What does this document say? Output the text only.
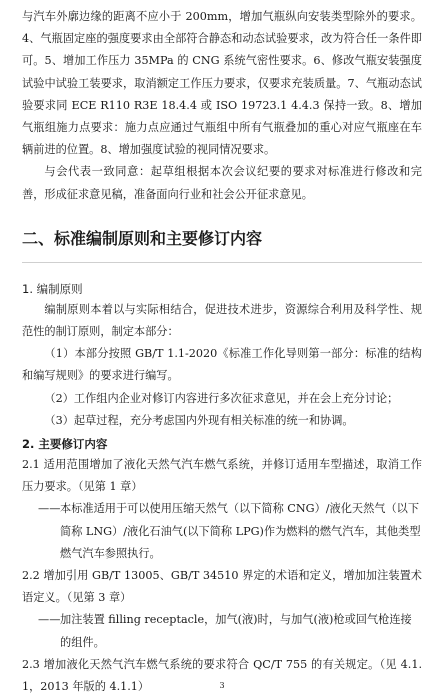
与汽车外廓边缘的距离不应小于 200mm，增加气瓶纵向安装类型除外的要求。4、气瓶固定座的强度要求由全部符合静态和动态试验要求，改为符合任一条件即可。5、增加工作压力 35MPa 的 CNG 系统气密性要求。6、修改气瓶安装强度试验中试验工装要求，取消额定工作压力要求，仅要求充装质量。7、气瓶动态试验要求同 ECE R110 R3E 18.4.4 或 ISO 19723.1 4.4.3 保持一致。8、增加气瓶组施力点要求：施力点应通过气瓶组中所有气瓶叠加的重心对应气瓶座在车辆前进的位置。8、增加强度试验的视同情况要求。

与会代表一致同意：起草组根据本次会议纪要的要求对标准进行修改和完善，形成征求意见稿，准备面向行业和社会公开征求意见。

二、标准编制原则和主要修订内容
1. 编制原则

编制原则本着以与实际相结合，促进技术进步，资源综合利用及科学性、规范性的制订原则，制定本部分：

（1）本部分按照 GB/T 1.1-2020《标准工作化导则第一部分：标准的结构和编写规则》的要求进行编写。

（2）工作组内企业对修订内容进行多次征求意见，并在会上充分讨论；

（3）起草过程，充分考虑国内外现有相关标准的统一和协调。

2. 主要修订内容

2.1 适用范围增加了液化天然气汽车燃气系统，并修订适用车型描述，取消工作压力要求。（见第 1 章）

—— 本标准适用于可以使用压缩天然气（以下简称 CNG）/液化天然气（以下简称 LNG）/液化石油气(以下简称 LPG)作为燃料的燃气汽车，其他类型燃气汽车参照执行。

2.2 增加引用 GB/T 13005、GB/T 34510 界定的术语和定义，增加加注装置术语定义。（见第 3 章）

—— 加注装置 filling receptacle，加气(液)时，与加气(液)枪或回气枪连接的组件。

2.3 增加液化天然气汽车燃气系统的要求符合 QC/T 755 的有关规定。（见 4.1.1，2013 年版的 4.1.1）	3
